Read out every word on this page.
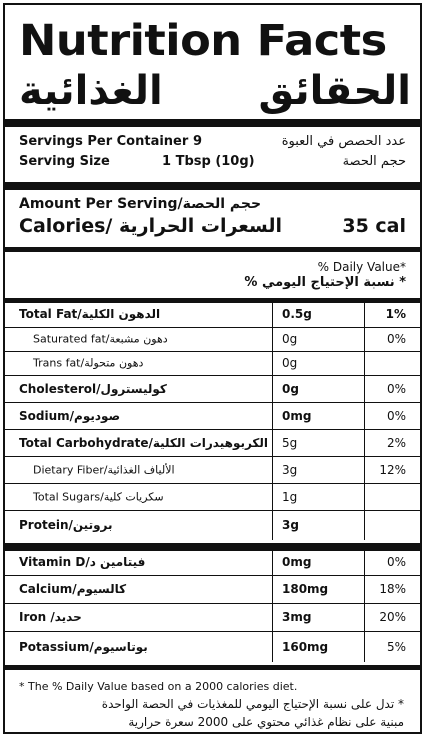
Nutrition Facts
الحقائق الغذائية
Servings Per Container 9	عدد الحصص في العبوة
Serving Size	1 Tbsp (10g)	حجم الحصة
Amount Per Serving/حجم الحصة
Calories/ السعرات الحرارية	35 cal
% Daily Value*
* نسبة الإحتياج اليومي %
* The % Daily Value based on a 2000 calories diet.
* تدل على نسبة الإحتياج اليومي للمغذيات في الحصة الواحدة
مبنية على نظام غذائي محتوي على 2000 سعرة حرارية
Total Fat/الدهون الكلية	0.5g	1%
Saturated fat/دهون مشبعة	0g	0%
Trans fat/دهون متحولة	0g
Cholesterol/كوليسترول	0g	0%
Sodium/صوديوم	0mg	0%
Total Carbohydrate/الكربوهيدرات الكلية 5g	2%
Dietary Fiber/الألياف الغذائية	3g	12%
Total Sugars/سكريات كلية	1g
Protein/بروتين	3g
Vitamin D/فيتامين د	0mg	0%
Calcium/كالسيوم	180mg	18%
Iron /حديد	3mg	20%
Potassium/بوتاسيوم	160mg	5%
